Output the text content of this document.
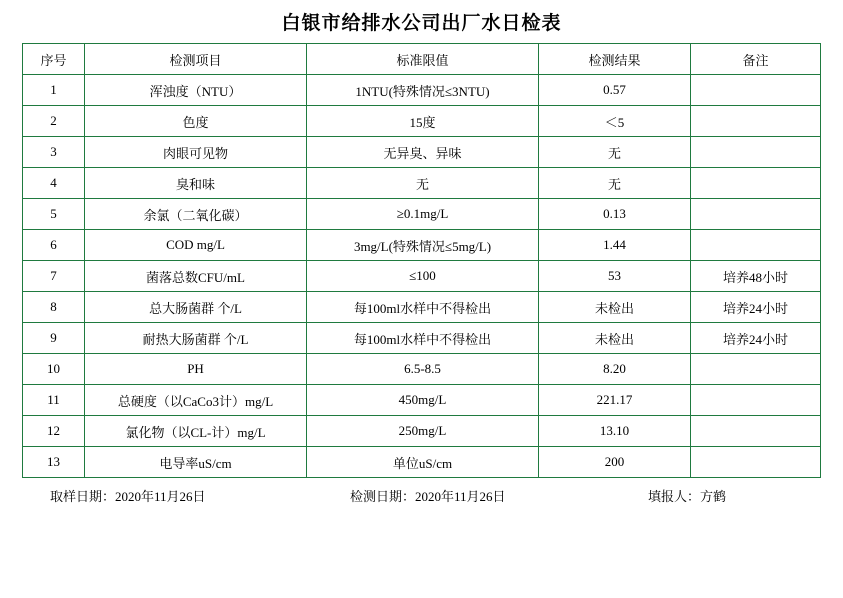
白银市给排水公司出厂水日检表
序号	检测项目	标准限值	检测结果	备注
1	浑浊度（NTU）	1NTU(特殊情况≤3NTU)	0.57	
2	色度	15度	＜5	
3	肉眼可见物	无异臭、异味	无	
4	臭和味	无	无	
5	余氯（二氧化碳）	≥0.1mg/L	0.13	
6	COD mg/L	3mg/L(特殊情况≤5mg/L)	1.44	
7	菌落总数CFU/mL	≤100	53	培养48小时
8	总大肠菌群 个/L	每100ml水样中不得检出	未检出	培养24小时
9	耐热大肠菌群 个/L	每100ml水样中不得检出	未检出	培养24小时
10	PH	6.5-8.5	8.20	
11	总硬度（以CaCo3计）mg/L	450mg/L	221.17	
12	氯化物（以CL-计）mg/L	250mg/L	13.10	
13	电导率uS/cm	单位uS/cm	200	
取样日期：2020年11月26日	检测日期：2020年11月26日	填报人：方鹤
